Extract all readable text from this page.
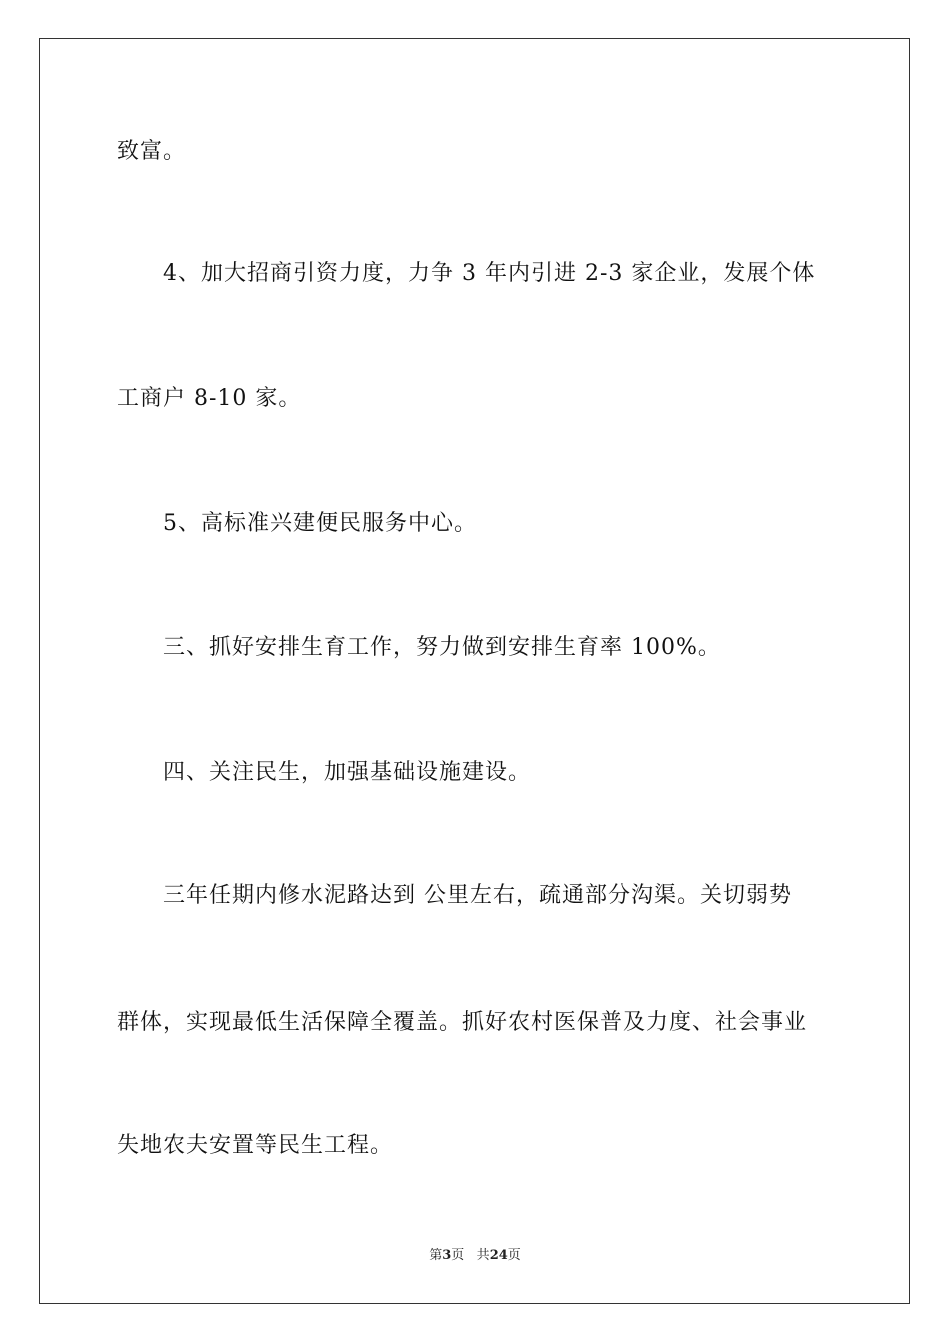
致富。
4、加大招商引资力度，力争 3 年内引进 2-3 家企业，发展个体
工商户 8-10 家。
5、高标准兴建便民服务中心。
三、抓好安排生育工作，努力做到安排生育率 100%。
四、关注民生，加强基础设施建设。
三年任期内修水泥路达到 公里左右，疏通部分沟渠。关切弱势
群体，实现最低生活保障全覆盖。抓好农村医保普及力度、社会事业
失地农夫安置等民生工程。
第3页 共24页
